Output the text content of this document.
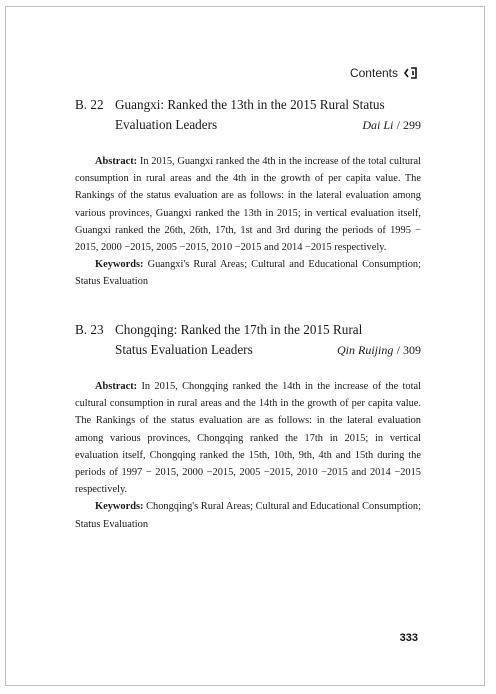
Contents
B. 22 Guangxi: Ranked the 13th in the 2015 Rural Status
Evaluation Leaders	Dai Li / 299

Abstract: In 2015, Guangxi ranked the 4th in the increase of the total cultural consumption in rural areas and the 4th in the growth of per capita value. The Rankings of the status evaluation are as follows: in the lateral evaluation among various provinces, Guangxi ranked the 13th in 2015; in vertical evaluation itself, Guangxi ranked the 26th, 26th, 17th, 1st and 3rd during the periods of 1995 − 2015, 2000 −2015, 2005 −2015, 2010 −2015 and 2014 −2015 respectively.

Keywords: Guangxi's Rural Areas; Cultural and Educational Consumption; Status Evaluation

B. 23 Chongqing: Ranked the 17th in the 2015 Rural
Status Evaluation Leaders	Qin Ruijing / 309

Abstract: In 2015, Chongqing ranked the 14th in the increase of the total cultural consumption in rural areas and the 14th in the growth of per capita value. The Rankings of the status evaluation are as follows: in the lateral evaluation among various provinces, Chongqing ranked the 17th in 2015; in vertical evaluation itself, Chongqing ranked the 15th, 10th, 9th, 4th and 15th during the periods of 1997 − 2015, 2000 −2015, 2005 −2015, 2010 −2015 and 2014 −2015 respectively.

Keywords: Chongqing's Rural Areas; Cultural and Educational Consumption; Status Evaluation

333
